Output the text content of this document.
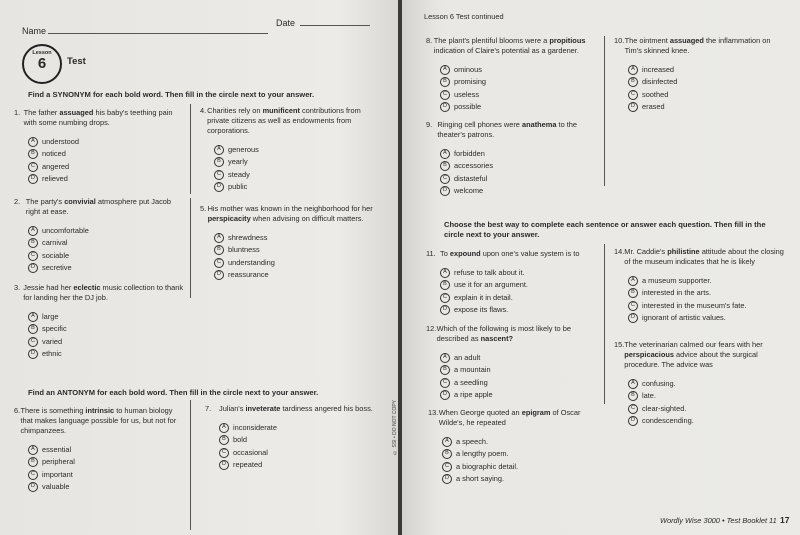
Name
Date
Lesson
6	Test
Find a SYNONYM for each bold word. Then fill in the circle next to your answer.
1. The father assuaged his baby's teething pain with some numbing drops.
A understood
B noticed
C angered
D relieved
2. The party's convivial atmosphere put Jacob right at ease.
A uncomfortable
B carnival
C sociable
D secretive
3. Jessie had her eclectic music collection to thank for landing her the DJ job.
A large
B specific
C varied
D ethnic
4. Charities rely on munificent contributions from private citizens as well as endowments from corporations.
A generous
B yearly
C steady
D public
5. His mother was known in the neighborhood for her perspicacity when advising on difficult matters.
A shrewdness
B bluntness
C understanding
D reassurance
Find an ANTONYM for each bold word. Then fill in the circle next to your answer.
6. There is something intrinsic to human biology that makes language possible for us, but not for chimpanzees.
A essential
B peripheral
C important
D valuable
7.	Julian's inveterate tardiness angered his boss.
A inconsiderate
B bold
C occasional
D repeated
© SSI • DO NOT COPY
Lesson 6 Test continued
8. The plant's plentiful blooms were a propitious indication of Claire's potential as a gardener.
A ominous
B promising
C useless
D possible
9. Ringing cell phones were anathema to the theater's patrons.
A forbidden
B accessories
C distasteful
D welcome
10. The ointment assuaged the inflammation on Tim's skinned knee.
A increased
B disinfected
C soothed
D erased
Choose the best way to complete each sentence or answer each question. Then fill in the circle next to your answer.
11. To expound upon one's value system is to
A refuse to talk about it.
B use it for an argument.
C explain it in detail.
D expose its flaws.
12. Which of the following is most likely to be described as nascent?
A an adult
B a mountain
C a seedling
D a ripe apple
13. When George quoted an epigram of Oscar Wilde's, he repeated
A a speech.
B a lengthy poem.
C a biographic detail.
D a short saying.
14. Mr. Caddie's philistine attitude about the closing of the museum indicates that he is likely
A a museum supporter.
B interested in the arts.
C interested in the museum's fate.
D ignorant of artistic values.
15. The veterinarian calmed our fears with her perspicacious advice about the surgical procedure. The advice was
A confusing.
B late.
C clear-sighted.
D condescending.
Wordly Wise 3000 • Test Booklet 11 17
